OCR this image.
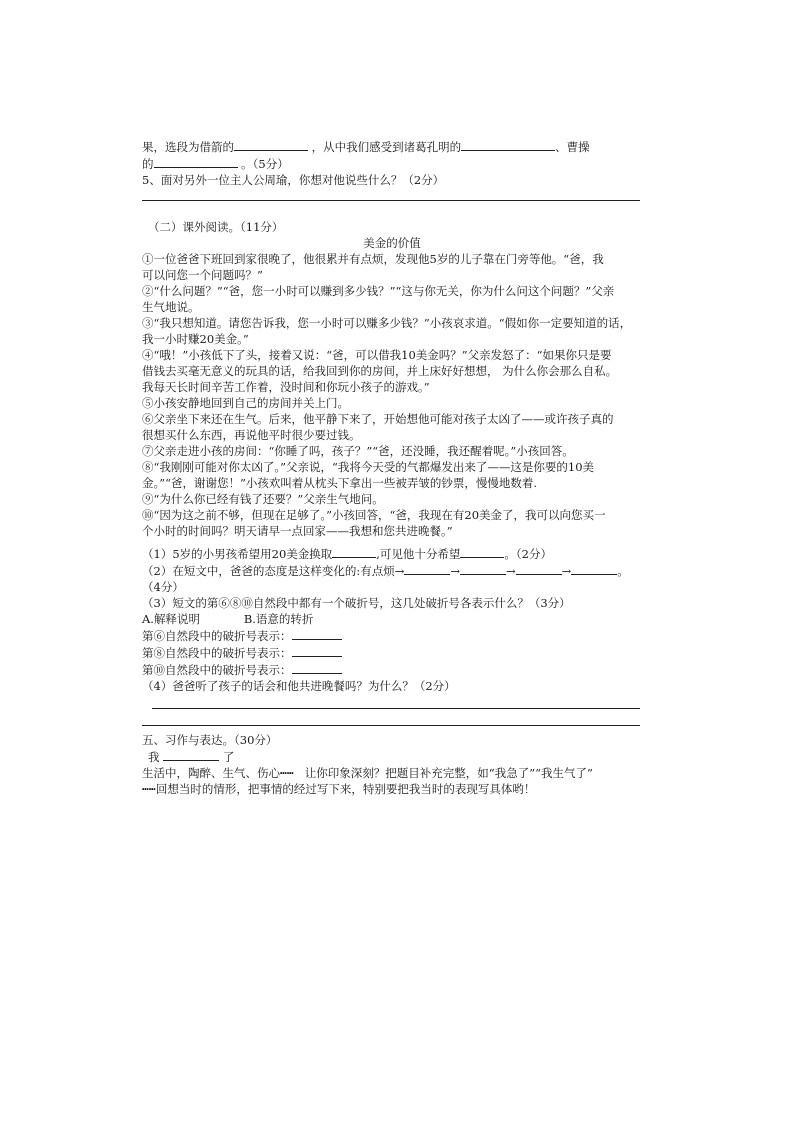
果，选段为借箭的	，从中我们感受到诸葛孔明的	、曹操

的	。（5分）

5、面对另外一位主人公周瑜，你想对他说些什么？（2分）

（二）课外阅读。（11分）

美金的价值

①一位爸爸下班回到家很晚了，他很累并有点烦，发现他5岁的儿子靠在门旁等他。“爸，我

可以问您一个问题吗？”

②“什么问题？”“爸，您一小时可以赚到多少钱？”“这与你无关，你为什么问这个问题？”父亲

生气地说。

③“我只想知道。请您告诉我，您一小时可以赚多少钱？”小孩哀求道。“假如你一定要知道的话，

我一小时赚20美金。”

④“哦！”小孩低下了头，接着又说：“爸，可以借我10美金吗？”父亲发怒了：“如果你只是要

借钱去买毫无意义的玩具的话，给我回到你的房间，并上床好好想想， 为什么你会那么自私。

我每天长时间辛苦工作着，没时间和你玩小孩子的游戏。”

⑤小孩安静地回到自己的房间并关上门。

⑥父亲坐下来还在生气。后来，他平静下来了，开始想他可能对孩子太凶了——或许孩子真的

很想买什么东西，再说他平时很少要过钱。

⑦父亲走进小孩的房间：“你睡了吗，孩子？”“爸，还没睡，我还醒着呢。”小孩回答。

⑧“我刚刚可能对你太凶了。”父亲说，“我将今天受的气都爆发出来了——这是你要的10美

金。”“爸，谢谢您！”小孩欢叫着从枕头下拿出一些被弄皱的钞票，慢慢地数着.

⑨“为什么你已经有钱了还要？”父亲生气地问。

⑩“因为这之前不够，但现在足够了。”小孩回答，“爸，我现在有20美金了，我可以向您买一

个小时的时间吗？明天请早一点回家——我想和您共进晚餐。”

（1）5岁的小男孩希望用20美金换取	,可见他十分希望	。（2分）

（2）在短文中，爸爸的态度是这样变化的:有点烦→	→	→	→	。

（4分）

（3）短文的第⑥⑧⑩自然段中都有一个破折号，这几处破折号各表示什么？（3分）

A.解释说明            B.语意的转折

第⑥自然段中的破折号表示：

第⑧自然段中的破折号表示：

第⑩自然段中的破折号表示：

（4）爸爸听了孩子的话会和他共进晚餐吗？为什么？（2分）

五、习作与表达。（30分）

我	了

生活中，陶醉、生气、伤心┅┅   让你印象深刻？把题目补充完整，如“我急了”“我生气了”

┅┅回想当时的情形，把事情的经过写下来，特别要把我当时的表现写具体哟！
